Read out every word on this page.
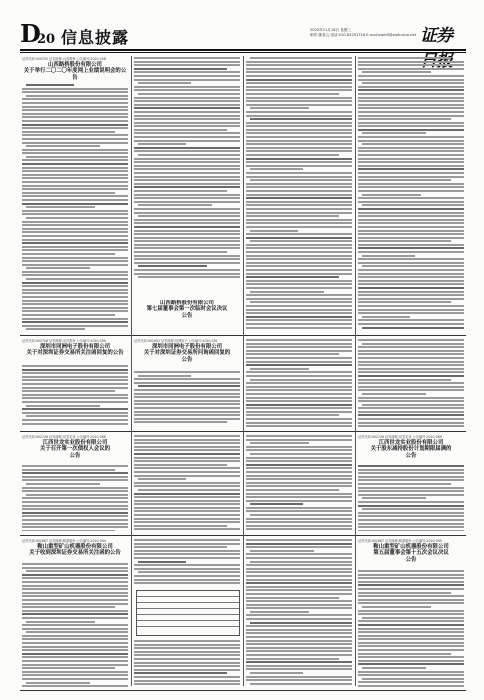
D
20 信息披露	2020年11月18日 星期三
制作:董春云 电话:010-83251716 E-mail:zqrb9@zqrb.sina.net 证券
证券代码:000755 证券简称:山西路桥 公告编号:2020-058
山西路桥股份有限公司
关于举行二〇二〇年度网上业绩说明会的公告
山西路桥股份有限公司
第七届董事会第一次临时会议决议
公告
证券代码:002708 证券简称:光洋股份 公告编号:2020-090
深圳市同洲电子股份有限公司
关于对深圳证券交易所关注函回复的公告
证券代码:002052 证券简称:同洲电子 公告编号:2020-091
深圳市同洲电子股份有限公司
关于对深圳证券交易所问询函回复的
公告
证券代码:002748 证券简称:世龙实业 公告编号:2020-068
江西世龙实业股份有限公司
关于召开第一次债权人会议的
公告
证券代码:002748 证券简称:世龙实业 公告编号:2020-069
江西世龙实业股份有限公司
关于股东减持股份计划期限届满的
公告
证券代码:002667 证券简称:鞍重股份 公告编号:2020-094
鞍山重型矿山机器股份有限公司
关于收到深圳证券交易所关注函的公告
证券代码:002667 证券简称:鞍重股份 公告编号:2020-095
鞍山重型矿山机器股份有限公司
第五届董事会第十五次会议决议
公告
